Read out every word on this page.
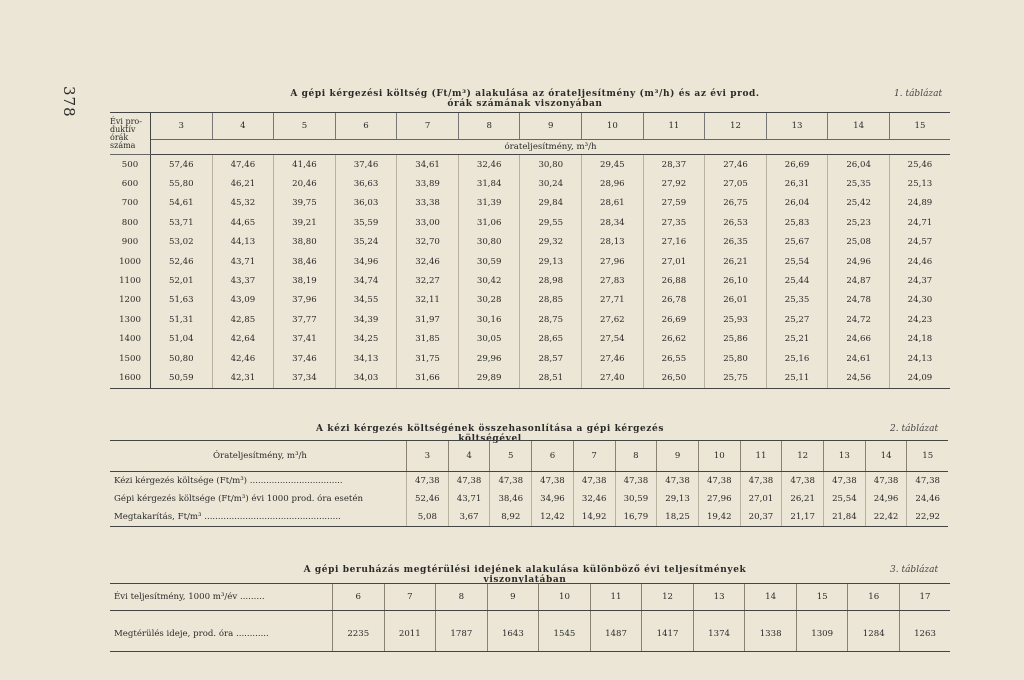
378	A gépi kérgezési költség (Ft/m³) alakulása az órateljesítmény (m³/h) és az évi prod. órák számának viszonyában
1. táblázat
Évi pro-
duktív
órák
száma	3	4	5	6	7	8	9	10	11	12	13	14	15
	órateljesítmény, m³/h												
500	57,46	47,46	41,46	37,46	34,61	32,46	30,80	29,45	28,37	27,46	26,69	26,04	25,46
600	55,80	46,21	20,46	36,63	33,89	31,84	30,24	28,96	27,92	27,05	26,31	25,35	25,13
700	54,61	45,32	39,75	36,03	33,38	31,39	29,84	28,61	27,59	26,75	26,04	25,42	24,89
800	53,71	44,65	39,21	35,59	33,00	31,06	29,55	28,34	27,35	26,53	25,83	25,23	24,71
900	53,02	44,13	38,80	35,24	32,70	30,80	29,32	28,13	27,16	26,35	25,67	25,08	24,57
1000	52,46	43,71	38,46	34,96	32,46	30,59	29,13	27,96	27,01	26,21	25,54	24,96	24,46
1100	52,01	43,37	38,19	34,74	32,27	30,42	28,98	27,83	26,88	26,10	25,44	24,87	24,37
1200	51,63	43,09	37,96	34,55	32,11	30,28	28,85	27,71	26,78	26,01	25,35	24,78	24,30
1300	51,31	42,85	37,77	34,39	31,97	30,16	28,75	27,62	26,69	25,93	25,27	24,72	24,23
1400	51,04	42,64	37,41	34,25	31,85	30,05	28,65	27,54	26,62	25,86	25,21	24,66	24,18
1500	50,80	42,46	37,46	34,13	31,75	29,96	28,57	27,46	26,55	25,80	25,16	24,61	24,13
1600	50,59	42,31	37,34	34,03	31,66	29,89	28,51	27,40	26,50	25,75	25,11	24,56	24,09
A kézi kérgezés költségének összehasonlítása a gépi kérgezés költségével
2. táblázat
Órateljesítmény, m³/h	3	4	5	6	7	8	9	10	11	12	13	14	15
Kézi kérgezés költsége (Ft/m³) ..................................	47,38	47,38	47,38	47,38	47,38	47,38	47,38	47,38	47,38	47,38	47,38	47,38	47,38
Gépi kérgezés költsége (Ft/m³) évi 1000 prod. óra esetén	52,46	43,71	38,46	34,96	32,46	30,59	29,13	27,96	27,01	26,21	25,54	24,96	24,46
Megtakarítás, Ft/m³ ..................................................	5,08	3,67	8,92	12,42	14,92	16,79	18,25	19,42	20,37	21,17	21,84	22,42	22,92
A gépi beruházás megtérülési idejének alakulása különböző évi teljesítmények viszonylatában
3. táblázat
Évi teljesítmény, 1000 m³/év .........	6	7	8	9	10	11	12	13	14	15	16	17
Megtérülés ideje, prod. óra ............	2235	2011	1787	1643	1545	1487	1417	1374	1338	1309	1284	1263
